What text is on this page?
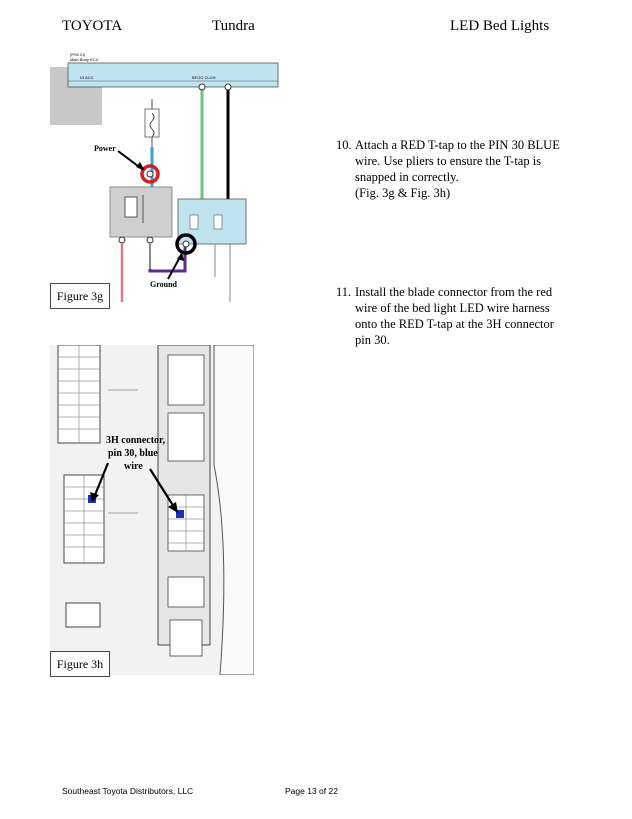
TOYOTA	Tundra	LED Bed Lights
(P/W.CI)
Main Body ECU
IG ACC	BFGG CLGH
Power
Ground
Figure 3g
3H connector,
pin 30, blue
wire
Figure 3h
10. Attach a RED T-tap to the PIN 30 BLUE wire. Use pliers to ensure the T-tap is snapped in correctly.
(Fig. 3g & Fig. 3h)
11. Install the blade connector from the red wire of the bed light LED wire harness onto the RED T-tap at the 3H connector pin 30.
Southeast Toyota Distributors, LLC	Page 13 of 22
